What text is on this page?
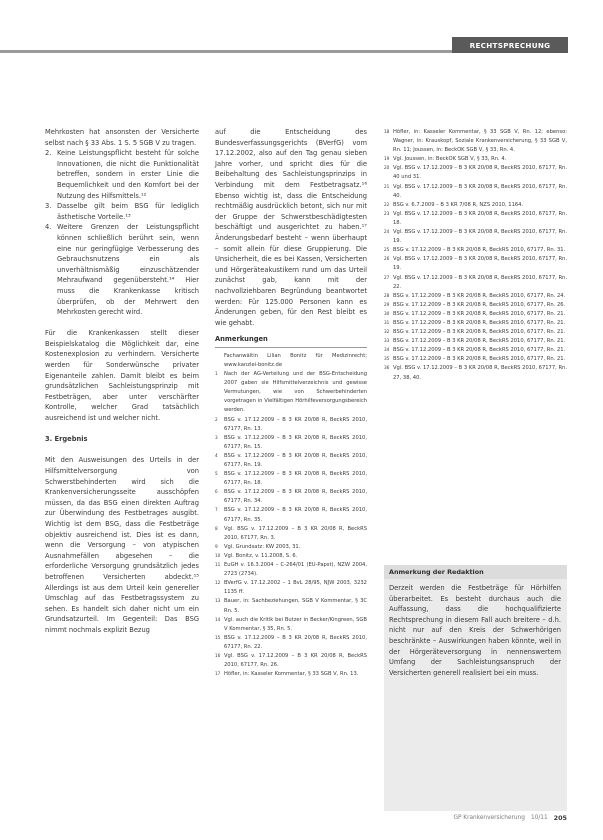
RECHTSPRECHUNG

Mehrkosten hat ansonsten der Versicherte selbst nach § 33 Abs. 1 S. 5 SGB V zu tragen.

2. Keine Leistungspflicht besteht für solche Innovationen, die nicht die Funktionalität betreffen, sondern in erster Linie die Bequemlichkeit und den Komfort bei der Nutzung des Hilfsmittels.¹²
3. Dasselbe gilt beim BSG für lediglich ästhetische Vorteile.¹³
4. Weitere Grenzen der Leistungspflicht können schließlich berührt sein, wenn eine nur geringfügige Verbesserung des Gebrauchsnutzens ein als unverhältnismäßig einzuschätzender Mehraufwand gegenübersteht.¹⁴ Hier muss die Krankenkasse kritisch überprüfen, ob der Mehrwert den Mehrkosten gerecht wird.

Für die Krankenkassen stellt dieser Beispielskatalog die Möglichkeit dar, eine Kostenexplosion zu verhindern. Versicherte werden für Sonderwünsche privater Eigenanteile zahlen. Damit bleibt es beim grundsätzlichen Sachleistungsprinzip mit Festbeträgen, aber unter verschärfter Kontrolle, welcher Grad tatsächlich ausreichend ist und welcher nicht.

3. Ergebnis

Mit den Ausweisungen des Urteils in der Hilfsmittelversorgung von Schwerstbehinderten wird sich die Krankenversicherungsseite ausschöpfen müssen, da das BSG einen direkten Auftrag zur Überwindung des Festbetrages ausgibt. Wichtig ist dem BSG, dass die Festbeträge objektiv ausreichend ist. Dies ist es dann, wenn die Versorgung – von atypischen Ausnahmefällen abgesehen – die erforderliche Versorgung grundsätzlich jedes betroffenen Versicherten abdeckt.¹⁵ Allerdings ist aus dem Urteil kein genereller Umschlag auf das Festbetragssystem zu sehen. Es handelt sich daher nicht um ein Grundsatzurteil. Im Gegenteil: Das BSG nimmt nochmals explizit Bezug

auf die Entscheidung des Bundesverfassungsgerichts (BVerfG) vom 17.12.2002, also auf den Tag genau sieben Jahre vorher, und spricht dies für die Beibehaltung des Sachleistungsprinzips in Verbindung mit dem Festbetragsatz.¹⁶ Ebenso wichtig ist, dass die Entscheidung rechtmäßig ausdrücklich betont, sich nur mit der Gruppe der Schwerstbeschädigtesten beschäftigt und ausgerichtet zu haben.¹⁷ Änderungsbedarf besteht – wenn überhaupt – somit allein für diese Gruppierung. Die Unsicherheit, die es bei Kassen, Versicherten und Hörgeräteakustikern rund um das Urteil zunächst gab, kann mit der nachvollziehbaren Begründung beantwortet werden: Für 125.000 Personen kann es Änderungen geben, für den Rest bleibt es wie gehabt.

Anmerkungen

Fachanwältin Lilian Bonitz für Medizinrecht; www.kanzlei-bonitz.de

1 Nach der AG-Verteilung und der BSG-Entscheidung 2007 gaben sie Hilfsmittelverzeichnis und gewisse Vermutungen, wie von Schwerbehinderten vorgetragen in Vielfältigen Hörhilfeversorgungsbereich werden.

2 BSG v. 17.12.2009 – B 3 KR 20/08 R, BeckRS 2010, 67177, Rn. 13.

3 BSG v. 17.12.2009 – B 3 KR 20/08 R, BeckRS 2010, 67177, Rn. 15.

4 BSG v. 17.12.2009 – B 3 KR 20/08 R, BeckRS 2010, 67177, Rn. 19.

5 BSG v. 17.12.2009 – B 3 KR 20/08 R, BeckRS 2010, 67177, Rn. 18.

6 BSG v. 17.12.2009 – B 3 KR 20/08 R, BeckRS 2010, 67177, Rn. 34.

7 BSG v. 17.12.2009 – B 3 KR 20/08 R, BeckRS 2010, 67177, Rn. 35.

8 Vgl. BSG v. 17.12.2009 – B 3 KR 20/08 R, BeckRS 2010, 67177, Rn. 3.

9 Vgl. Grundsatz: KW 2003, 31.

10 Vgl. Bonitz, v. 11.2008, S. 6.

11 EuGH v. 16.3.2004 – C-264/01 (EU-Papst), NZW 2004, 2723 (2734).

12 BVerfG v. 17.12.2002 – 1 BvL 28/95, NJW 2003, 3232 1135 ff.

13 Bauer, in: Sachbeziehungen, SGB V Kommentar, § 3C Rn. 5.

14 Vgl. auch die Kritik bei Butzer in Becker/Kingreen, SGB V Kommentar, § 35, Rn. 5.

15 BSG v. 17.12.2009 – B 3 KR 20/08 R, BeckRS 2010, 67177, Rn. 22.

16 Vgl. BSG v. 17.12.2009 – B 3 KR 20/08 R, BeckRS 2010, 67177, Rn. 26.

17 Höfler, in: Kasseler Kommentar, § 33 SGB V, Rn. 13.

18 Höfler, in: Kasseler Kommentar, § 33 SGB V, Rn. 12; ebenso: Wagner, in: Krauskopf, Soziale Krankenversicherung, § 33 SGB V, Rn. 11; Joussen, in: BeckOK SGB V, § 33, Rn. 4.

19 Vgl. Joussen, in: BeckOK SGB V, § 33, Rn. 4.

20 Vgl. BSG v. 17.12.2009 – B 3 KR 20/08 R, BeckRS 2010, 67177, Rn. 40 und 31.

21 Vgl. BSG v. 17.12.2009 – B 3 KR 20/08 R, BeckRS 2010, 67177, Rn. 40.

22 BSG v. 6.7.2009 – B 3 KR 7/08 R, NZS 2010, 1164.

23 Vgl. BSG v. 17.12.2009 – B 3 KR 20/08 R, BeckRS 2010, 67177, Rn. 18.

24 Vgl. BSG v. 17.12.2009 – B 3 KR 20/08 R, BeckRS 2010, 67177, Rn. 19.

25 BSG v. 17.12.2009 – B 3 KR 20/08 R, BeckRS 2010, 67177, Rn. 31.

26 Vgl. BSG v. 17.12.2009 – B 3 KR 20/08 R, BeckRS 2010, 67177, Rn. 19.

27 Vgl. BSG v. 17.12.2009 – B 3 KR 20/08 R, BeckRS 2010, 67177, Rn. 22.

28 BSG v. 17.12.2009 – B 3 KR 20/08 R, BeckRS 2010, 67177, Rn. 24.

29 BSG v. 17.12.2009 – B 3 KR 20/08 R, BeckRS 2010, 67177, Rn. 26.

30 BSG v. 17.12.2009 – B 3 KR 20/08 R, BeckRS 2010, 67177, Rn. 21.

31 BSG v. 17.12.2009 – B 3 KR 20/08 R, BeckRS 2010, 67177, Rn. 21.

32 BSG v. 17.12.2009 – B 3 KR 20/08 R, BeckRS 2010, 67177, Rn. 21.

33 BSG v. 17.12.2009 – B 3 KR 20/08 R, BeckRS 2010, 67177, Rn. 21.

34 BSG v. 17.12.2009 – B 3 KR 20/08 R, BeckRS 2010, 67177, Rn. 21.

35 BSG v. 17.12.2009 – B 3 KR 20/08 R, BeckRS 2010, 67177, Rn. 21.

36 Vgl. BSG v. 17.12.2009 – B 3 KR 20/08 R, BeckRS 2010, 67177, Rn. 27, 38, 40.

Anmerkung der Redaktion
Derzeit werden die Festbeträge für Hörhilfen überarbeitet. Es besteht durchaus auch die Auffassung, dass die hochqualifizierte Rechtsprechung in diesem Fall auch breitere – d.h. nicht nur auf den Kreis der Schwerhörigen beschränkte – Auswirkungen haben könnte, weil in der Hörgeräteversorgung in nennenswertem Umfang der Sachleistungsanspruch der Versicherten generell realisiert bei ein muss.
GP Krankenversicherung 10/11 205
